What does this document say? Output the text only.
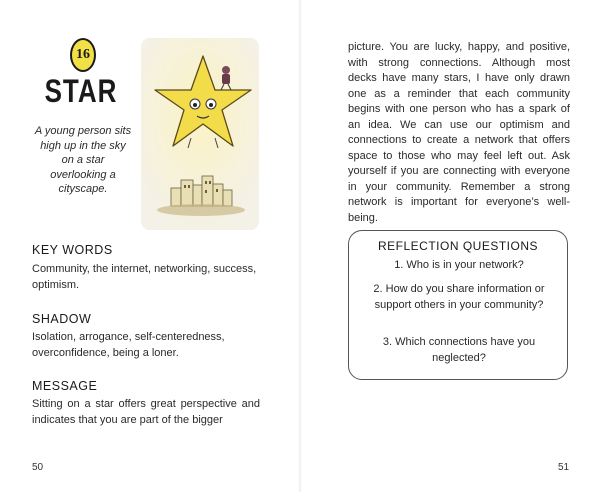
16
STAR
A young person sits high up in the sky on a star overlooking a cityscape.
KEY WORDS
Community, the internet, networking, success, optimism.
SHADOW
Isolation, arrogance, self-centeredness, overconfidence, being a loner.
MESSAGE
Sitting on a star offers great perspective and indicates that you are part of the bigger
50
picture. You are lucky, happy, and positive, with strong connections. Although most decks have many stars, I have only drawn one as a reminder that each community begins with one person who has a spark of an idea. We can use our optimism and connections to create a network that offers space to those who may feel left out. Ask yourself if you are connecting with everyone in your community. Remember a strong network is important for everyone’s well-being.
REFLECTION QUESTIONS
1. Who is in your network?
2. How do you share information or support others in your community?
3. Which connections have you neglected?
51
